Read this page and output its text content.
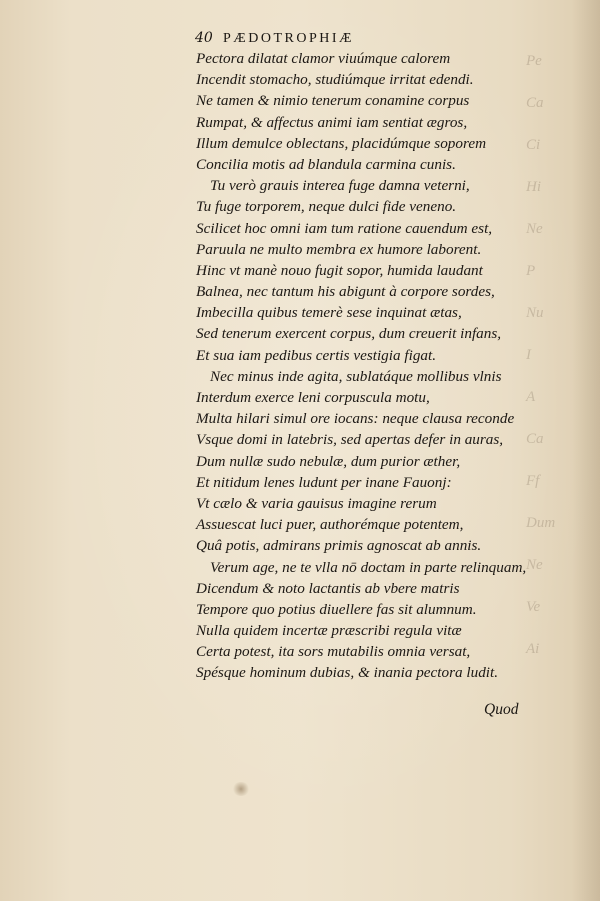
40 PÆDOTROPHIÆ
Pectora dilatat clamor viuúmque calorem
Incendit stomacho, studiúmque irritat edendi.
Ne tamen & nimio tenerum conamine corpus
Rumpat, & affectus animi iam sentiat ægros,
Illum demulce oblectans, placidúmque soporem
Concilia motis ad blandula carmina cunis.
Tu verò grauis interea fuge damna veterni,
Tu fuge torporem, neque dulci fide veneno.
Scilicet hoc omni iam tum ratione cauendum est,
Paruula ne multo membra ex humore laborent.
Hinc vt manè nouo fugit sopor, humida laudant
Balnea, nec tantum his abigunt à corpore sordes,
Imbecilla quibus temerè sese inquinat ætas,
Sed tenerum exercent corpus, dum creuerit infans,
Et sua iam pedibus certis vestigia figat.
Nec minus inde agita, sublatáque mollibus vlnis
Interdum exerce leni corpuscula motu,
Multa hilari simul ore iocans: neque clausa reconde
Vsque domi in latebris, sed apertas defer in auras,
Dum nullæ sudo nebulæ, dum purior æther,
Et nitidum lenes ludunt per inane Fauonj:
Vt cælo & varia gauisus imagine rerum
Assuescat luci puer, authorémque potentem,
Quâ potis, admirans primis agnoscat ab annis.
Verum age, ne te vlla nō doctam in parte relinquam,
Dicendum & noto lactantis ab vbere matris
Tempore quo potius diuellere fas sit alumnum.
Nulla quidem incertæ præscribi regula vitæ
Certa potest, ita sors mutabilis omnia versat,
Spésque hominum dubias, & inania pectora ludit.
Quod
Pe
Ca
Ci
Hi
Ne
P
Nu
I
A
Ca
Ff
Dum
Ne
Ve
Ai
